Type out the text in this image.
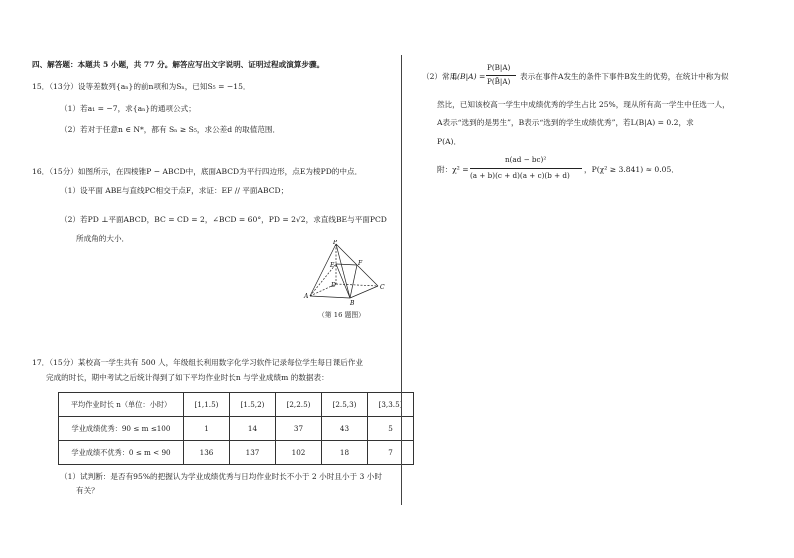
四、解答题：本题共 5 小题，共 77 分。解答应写出文字说明、证明过程或演算步骤。
15．（13分）设等差数列{aₙ}的前n项和为Sₙ，已知S₅ = −15．
（1）若a₁ = −7，求{aₙ}的通项公式；
（2）若对于任意n ∈ N*，都有 Sₙ ≥ S₅，求公差d 的取值范围．
16．（15分）如图所示，在四棱锥P − ABCD中，底面ABCD为平行四边形，点E为棱PD的中点．
（1）设平面 ABE与直线PC相交于点F，求证：EF // 平面ABCD；
（2）若PD ⊥平面ABCD，BC = CD = 2，∠BCD = 60°，PD = 2√2，求直线BE与平面PCD
所成角的大小．	P
E	F
D
A
B
C
（第 16 题图）
17．（15分）某校高一学生共有 500 人，年级组长利用数字化学习软件记录每位学生每日课后作业
完成的时长，期中考试之后统计得到了如下平均作业时长n 与学业成绩m 的数据表：
平均作业时长 n（单位：小时）	[1,1.5)	[1.5,2)	[2,2.5)	[2.5,3)	[3,3.5]
学业成绩优秀：90 ≤ m ≤100	1	14	37	43	5
学业成绩不优秀：0 ≤ m < 90	136	137	102	18	7
（1）试判断：是否有95%的把握认为学业成绩优秀与日均作业时长不小于 2 小时且小于 3 小时
有关？
（2）常用
L(B|A) =
P(B|A)
P(B̄|A)
表示在事件A发生的条件下事件B发生的优势，在统计中称为似
然比，已知该校高一学生中成绩优秀的学生占比 25%，现从所有高一学生中任选一人，
A表示“选到的是男生”，B表示“选到的学生成绩优秀”，若L(B|A) = 0.2，求
P(A)．
附：χ² =
n(ad − bc)²
(a + b)(c + d)(a + c)(b + d)
，P(χ² ≥ 3.841) ≈ 0.05．
